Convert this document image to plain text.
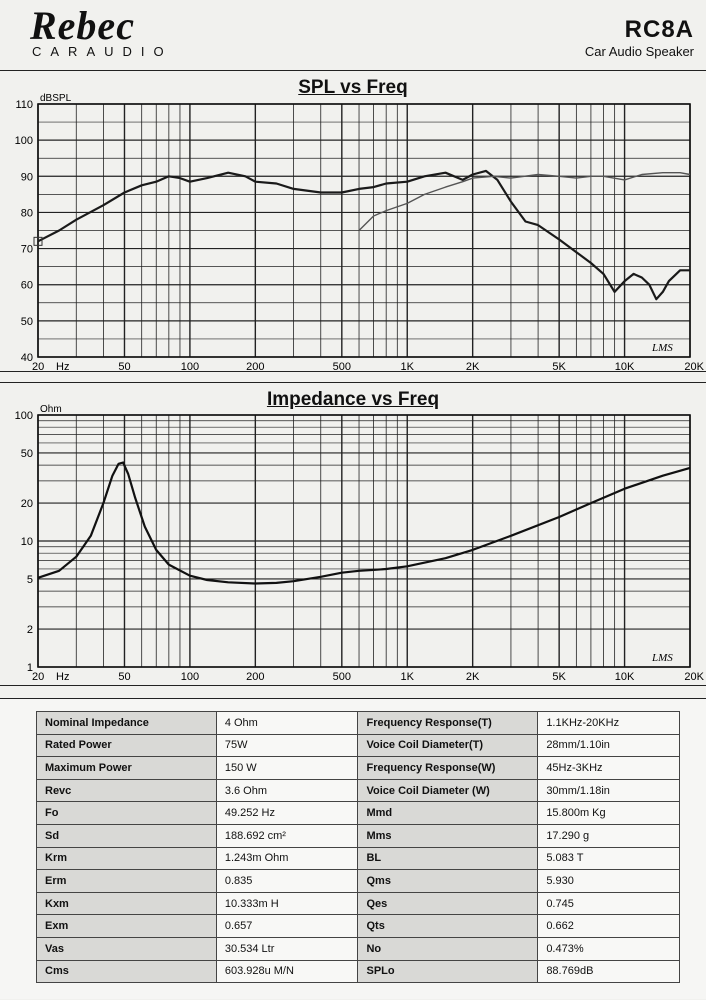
Rebec
CARAUDIO
RC8A
Car Audio Speaker
SPL vs Freq
110
100
90
80
70
60
50
40
dBSPL
20 Hz	50	100	200	500	1K	2K	5K	10K	20K
LMS
Impedance vs Freq
100
50
20
10
5
2
1
Ohm
20 Hz	50	100	200	500	1K	2K	5K	10K	20K
LMS
Nominal Impedance	4 Ohm	Frequency Response(T)	1.1KHz-20KHz
Rated Power	75W	Voice Coil Diameter(T)	28mm/1.10in
Maximum Power	150 W	Frequency Response(W)	45Hz-3KHz
Revc	3.6 Ohm	Voice Coil Diameter (W)	30mm/1.18in
Fo	49.252 Hz	Mmd	15.800m Kg
Sd	188.692 cm²	Mms	17.290 g
Krm	1.243m Ohm	BL	5.083 T
Erm	0.835	Qms	5.930
Kxm	10.333m H	Qes	0.745
Exm	0.657	Qts	0.662
Vas	30.534 Ltr	No	0.473%
Cms	603.928u M/N	SPLo	88.769dB
